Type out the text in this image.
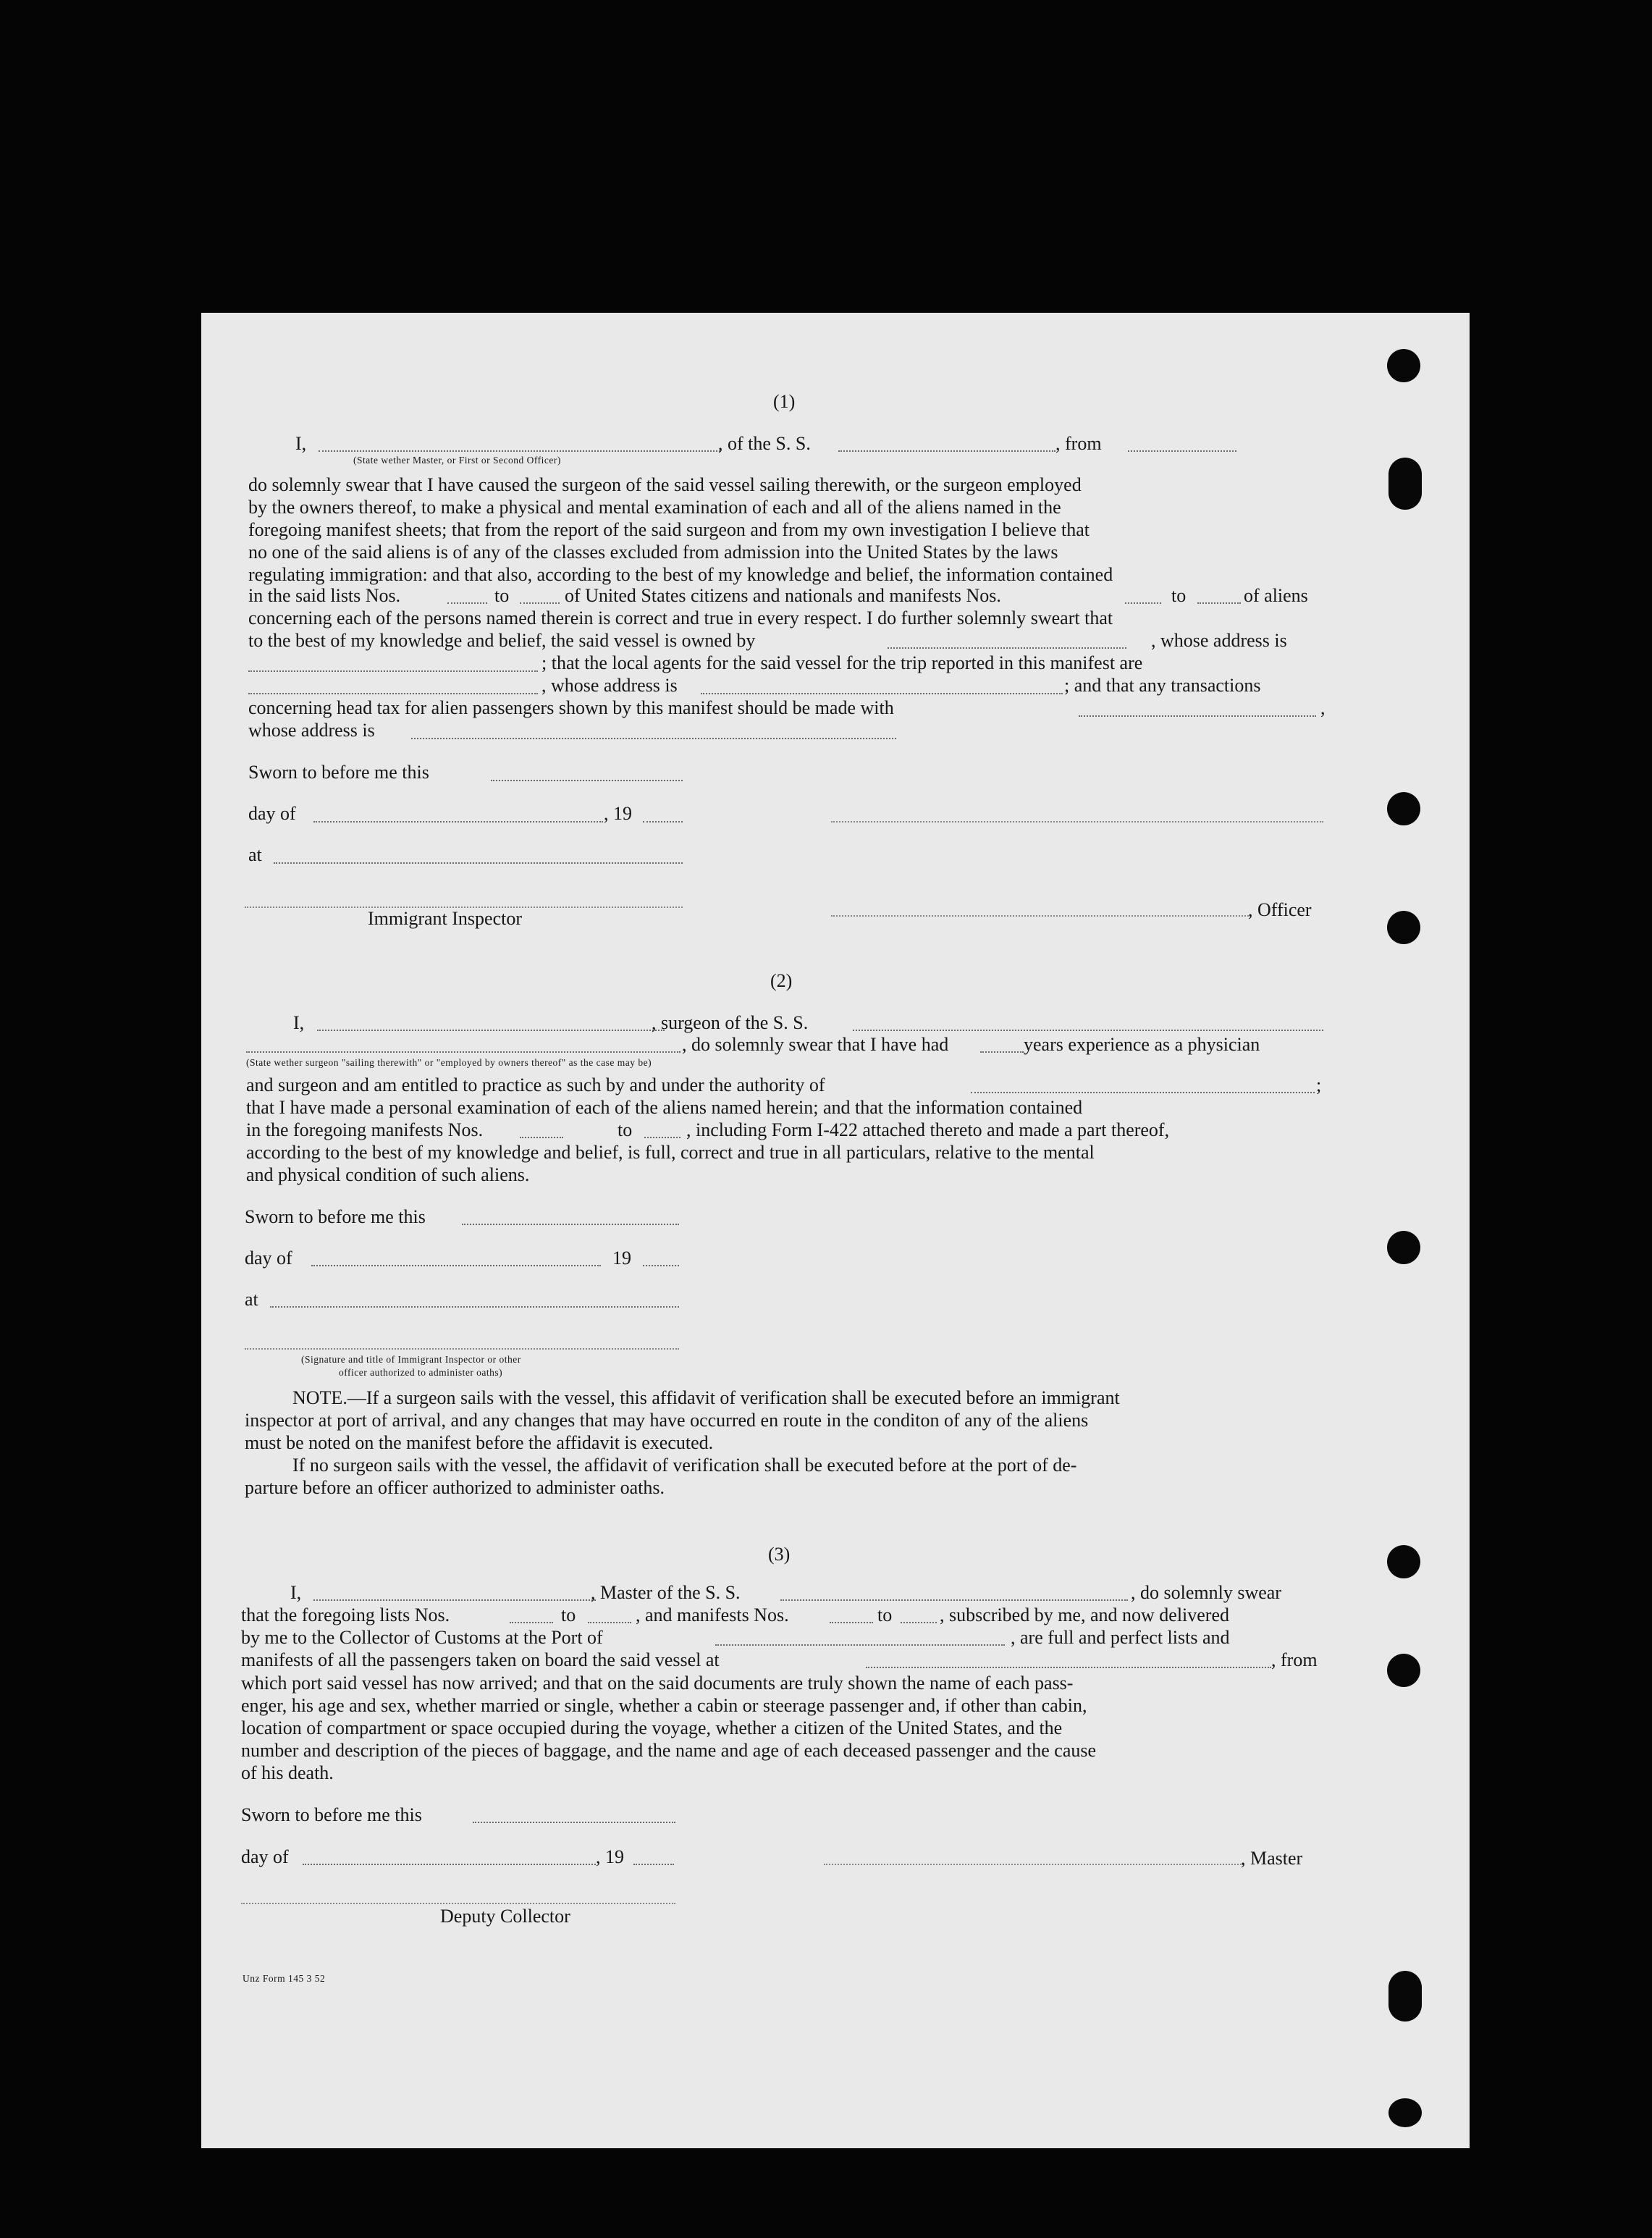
(1)
I,	, of the S. S.	, from
(State wether Master, or First or Second Officer)
do solemnly swear that I have caused the surgeon of the said vessel sailing therewith, or the surgeon employed
by the owners thereof, to make a physical and mental examination of each and all of the aliens named in the
foregoing manifest sheets; that from the report of the said surgeon and from my own investigation I believe that
no one of the said aliens is of any of the classes excluded from admission into the United States by the laws
regulating immigration: and that also, according to the best of my knowledge and belief, the information contained
in the said lists Nos.	to	of United States citizens and nationals and manifests Nos.	to	of aliens
concerning each of the persons named therein is correct and true in every respect. I do further solemnly sweart that
to the best of my knowledge and belief, the said vessel is owned by	, whose address is
; that the local agents for the said vessel for the trip reported in this manifest are
, whose address is	; and that any transactions
concerning head tax for alien passengers shown by this manifest should be made with	,
whose address is
Sworn to before me this
day of	, 19
at
Immigrant Inspector	, Officer
(2)
I,	, surgeon of the S. S.
, do solemnly swear that I have had	years experience as a physician
(State wether surgeon "sailing therewith" or "employed by owners thereof" as the case may be)
and surgeon and am entitled to practice as such by and under the authority of	;
that I have made a personal examination of each of the aliens named herein; and that the information contained
in the foregoing manifests Nos.	to	, including Form I-422 attached thereto and made a part thereof,
according to the best of my knowledge and belief, is full, correct and true in all particulars, relative to the mental
and physical condition of such aliens.
Sworn to before me this
day of	19
at
(Signature and title of Immigrant Inspector or other
officer authorized to administer oaths)
NOTE.—If a surgeon sails with the vessel, this affidavit of verification shall be executed before an immigrant
inspector at port of arrival, and any changes that may have occurred en route in the conditon of any of the aliens
must be noted on the manifest before the affidavit is executed.
If no surgeon sails with the vessel, the affidavit of verification shall be executed before at the port of de-
parture before an officer authorized to administer oaths.
(3)
I,	, Master of the S. S.	, do solemnly swear
that the foregoing lists Nos.	to	, and manifests Nos.	to	, subscribed by me, and now delivered
by me to the Collector of Customs at the Port of	, are full and perfect lists and
manifests of all the passengers taken on board the said vessel at	, from
which port said vessel has now arrived; and that on the said documents are truly shown the name of each pass-
enger, his age and sex, whether married or single, whether a cabin or steerage passenger and, if other than cabin,
location of compartment or space occupied during the voyage, whether a citizen of the United States, and the
number and description of the pieces of baggage, and the name and age of each deceased passenger and the cause
of his death.
Sworn to before me this
day of	, 19	, Master
Deputy Collector
Unz Form 145 3 52
